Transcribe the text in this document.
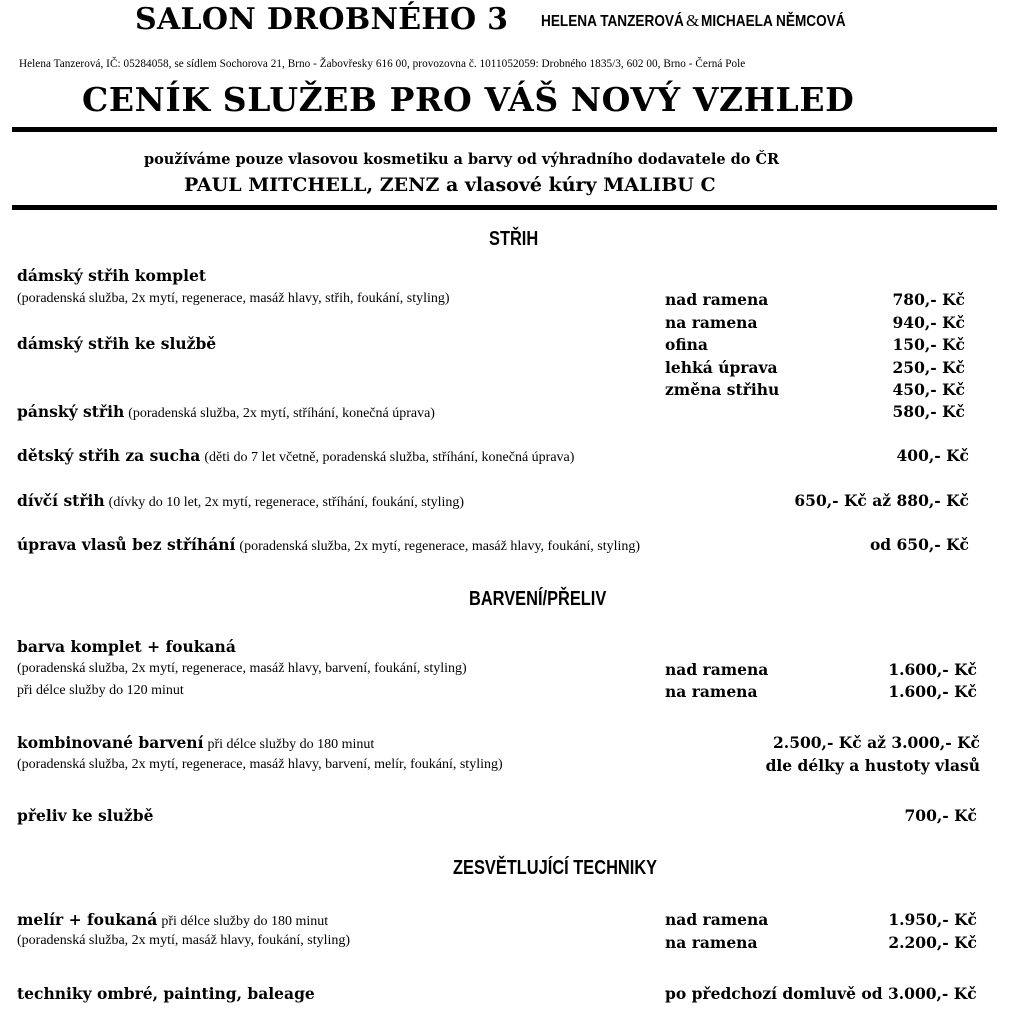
SALON DROBNÉHO 3 HELENA TANZEROVÁ & MICHAELA NĚMCOVÁ
Helena Tanzerová, IČ: 05284058, se sídlem Sochorova 21, Brno - Žabovřesky 616 00, provozovna č. 1011052059: Drobného 1835/3, 602 00, Brno - Černá Pole
CENÍK SLUŽEB PRO VÁŠ NOVÝ VZHLED
používáme pouze vlasovou kosmetiku a barvy od výhradního dodavatele do ČR
PAUL MITCHELL, ZENZ a vlasové kúry MALIBU C
STŘIH
dámský střih komplet
(poradenská služba, 2x mytí, regenerace, masáž hlavy, střih, foukání, styling)	nad ramena	780,- Kč
na ramena	940,- Kč
dámský střih ke službě	ofina	150,- Kč
lehká úprava	250,- Kč
změna střihu	450,- Kč
pánský střih (poradenská služba, 2x mytí, stříhání, konečná úprava)	580,- Kč
dětský střih za sucha (děti do 7 let včetně, poradenská služba, stříhání, konečná úprava)	400,- Kč
dívčí střih (dívky do 10 let, 2x mytí, regenerace, stříhání, foukání, styling)	650,- Kč až 880,- Kč
úprava vlasů bez stříhání (poradenská služba, 2x mytí, regenerace, masáž hlavy, foukání, styling)	od 650,- Kč
BARVENÍ/PŘELIV
barva komplet + foukaná
(poradenská služba, 2x mytí, regenerace, masáž hlavy, barvení, foukání, styling)
při délce služby do 120 minut
nad ramena	1.600,- Kč
na ramena	1.600,- Kč
kombinované barvení při délce služby do 180 minut
(poradenská služba, 2x mytí, regenerace, masáž hlavy, barvení, melír, foukání, styling)
2.500,- Kč až 3.000,- Kč
dle délky a hustoty vlasů
přeliv ke službě	700,- Kč
ZESVĚTLUJÍCÍ TECHNIKY
melír + foukaná při délce služby do 180 minut
(poradenská služba, 2x mytí, masáž hlavy, foukání, styling)
nad ramena	1.950,- Kč
na ramena	2.200,- Kč
techniky ombré, painting, baleage	po předchozí domluvě od 3.000,- Kč
